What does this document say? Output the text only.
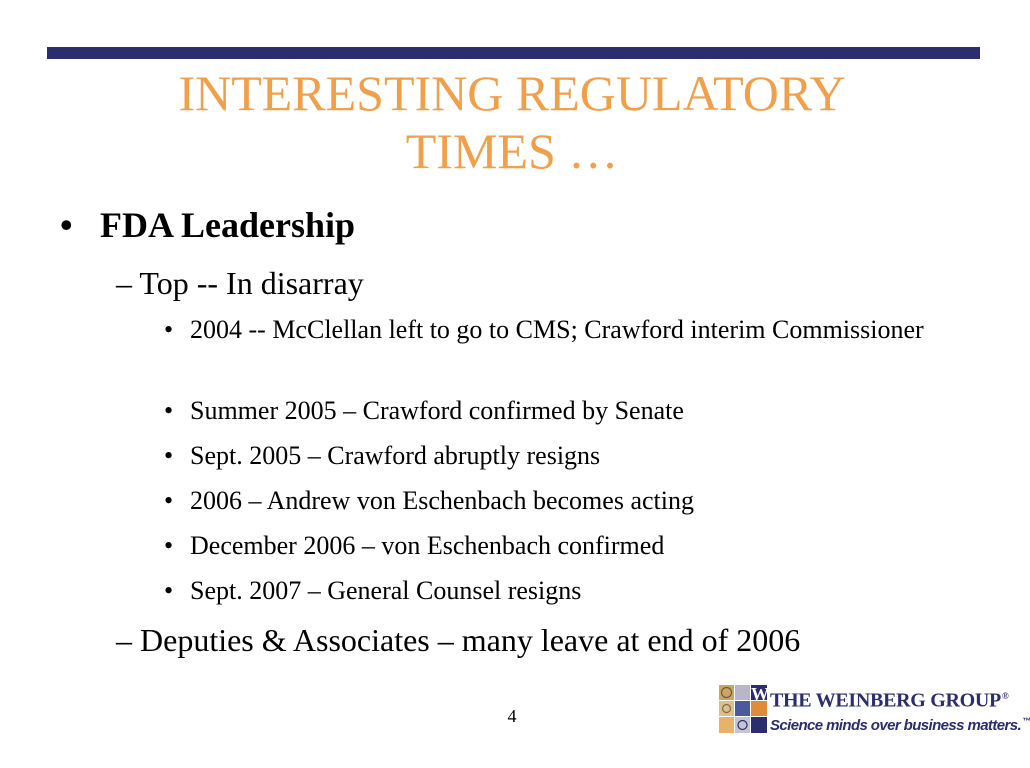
INTERESTING REGULATORY
TIMES …
• FDA Leadership
– Top -- In disarray
• 2004 -- McClellan left to go to CMS; Crawford interim Commissioner
• Summer 2005 – Crawford confirmed by Senate
• Sept. 2005 – Crawford abruptly resigns
• 2006 – Andrew von Eschenbach becomes acting
• December 2006 – von Eschenbach confirmed
• Sept. 2007 – General Counsel resigns
– Deputies & Associates – many leave at end of 2006
4
W THE WEINBERG GROUP®
Science minds over business matters.™
